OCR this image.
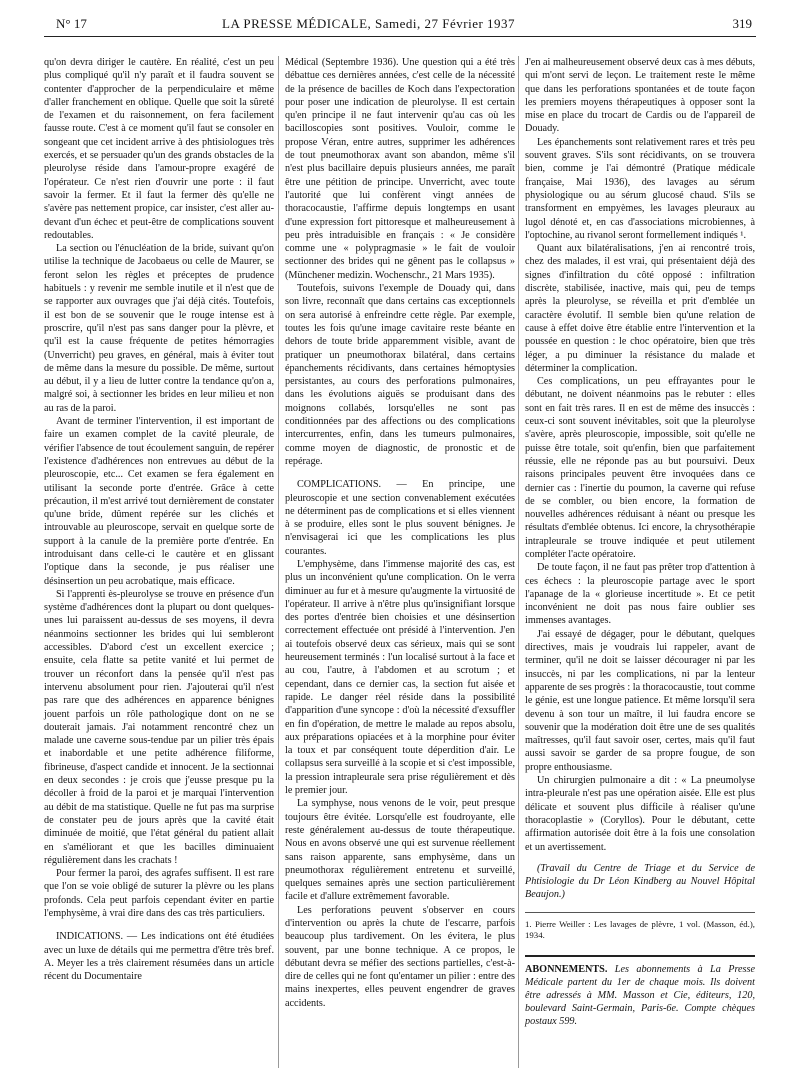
N° 17	LA PRESSE MÉDICALE, Samedi, 27 Février 1937	319

qu'on devra diriger le cautère. En réalité, c'est un peu plus compliqué qu'il n'y paraît et il faudra souvent se contenter d'approcher de la perpendiculaire et même d'aller franchement en oblique. Quelle que soit la sûreté de l'examen et du raisonnement, on fera facilement fausse route. C'est à ce moment qu'il faut se consoler en songeant que cet incident arrive à des phtisiologues très exercés, et se persuader qu'un des grands obstacles de la pleurolyse réside dans l'amour-propre exagéré de l'opérateur. Ce n'est rien d'ouvrir une porte : il faut savoir la fermer. Et il faut la fermer dès qu'elle ne s'avère pas nettement propice, car insister, c'est aller au-devant d'un échec et peut-être de complications souvent redoutables.

La section ou l'énucléation de la bride, suivant qu'on utilise la technique de Jacobaeus ou celle de Maurer, se feront selon les règles et préceptes de prudence habituels : y revenir me semble inutile et il n'est que de se rapporter aux ouvrages que j'ai déjà cités. Toutefois, il est bon de se souvenir que le rouge intense est à proscrire, qu'il n'est pas sans danger pour la plèvre, et qu'il est la cause fréquente de petites hémorragies (Unverricht) peu graves, en général, mais à éviter tout de même dans la mesure du possible. De même, surtout au début, il y a lieu de lutter contre la tendance qu'on a, malgré soi, à sectionner les brides en leur milieu et non au ras de la paroi.

Avant de terminer l'intervention, il est important de faire un examen complet de la cavité pleurale, de vérifier l'absence de tout écoulement sanguin, de repérer l'existence d'adhérences non entrevues au début de la pleuroscopie, etc... Cet examen se fera également en utilisant la seconde porte d'entrée. Grâce à cette précaution, il m'est arrivé tout dernièrement de constater qu'une bride, dûment repérée sur les clichés et introuvable au pleuroscope, servait en quelque sorte de support à la canule de la première porte d'entrée. En introduisant dans celle-ci le cautère et en glissant l'optique dans la seconde, je pus réaliser une désinsertion un peu acrobatique, mais efficace.

Si l'apprenti ès-pleurolyse se trouve en présence d'un système d'adhérences dont la plupart ou dont quelques-unes lui paraissent au-dessus de ses moyens, il devra néanmoins sectionner les brides qui lui sembleront accessibles. D'abord c'est un excellent exercice ; ensuite, cela flatte sa petite vanité et lui permet de trouver un réconfort dans la pensée qu'il n'est pas intervenu absolument pour rien. J'ajouterai qu'il n'est pas rare que des adhérences en apparence bénignes jouent parfois un rôle pathologique dont on ne se douterait jamais. J'ai notamment rencontré chez un malade une caverne sous-tendue par un pilier très épais et inabordable et une petite adhérence filiforme, fibrineuse, d'aspect candide et innocent. Je la sectionnai en deux secondes : je crois que j'eusse presque pu la décoller à froid de la paroi et je marquai l'intervention au débit de ma statistique. Quelle ne fut pas ma surprise de constater peu de jours après que la cavité était diminuée de moitié, que l'état général du patient allait en s'améliorant et que les bacilles diminuaient régulièrement dans les crachats !

Pour fermer la paroi, des agrafes suffisent. Il est rare que l'on se voie obligé de suturer la plèvre ou les plans profonds. Cela peut parfois cependant éviter en partie l'emphysème, à vrai dire dans des cas très particuliers.

INDICATIONS. — Les indications ont été étudiées avec un luxe de détails qui me permettra d'être très bref. A. Meyer les a très clairement résumées dans un article récent du Documentaire

Médical (Septembre 1936). Une question qui a été très débattue ces dernières années, c'est celle de la nécessité de la présence de bacilles de Koch dans l'expectoration pour poser une indication de pleurolyse. Il est certain qu'en principe il ne faut intervenir qu'au cas où les bacilloscopies sont positives. Vouloir, comme le propose Véran, entre autres, supprimer les adhérences de tout pneumothorax avant son abandon, même s'il n'est plus bacillaire depuis plusieurs années, me paraît être une pétition de principe. Unverricht, avec toute l'autorité que lui confèrent vingt années de thoracocaustie, l'affirme depuis longtemps en usant d'une expression fort pittoresque et malheureusement à peu près intraduisible en français : « Je considère comme une « polypragmasie » le fait de vouloir sectionner des brides qui ne gênent pas le collapsus » (Münchener medizin. Wochenschr., 21 Mars 1935).

Toutefois, suivons l'exemple de Douady qui, dans son livre, reconnaît que dans certains cas exceptionnels on sera autorisé à enfreindre cette règle. Par exemple, toutes les fois qu'une image cavitaire reste béante en dehors de toute bride apparemment visible, avant de pratiquer un pneumothorax bilatéral, dans certains épanchements récidivants, dans certaines hémoptysies persistantes, au cours des perforations pulmonaires, dans les évolutions aiguës se produisant dans des moignons collabés, lorsqu'elles ne sont pas conditionnées par des affections ou des complications intercurrentes, enfin, dans les tumeurs pulmonaires, comme moyen de diagnostic, de pronostic et de repérage.

COMPLICATIONS. — En principe, une pleuroscopie et une section convenablement exécutées ne déterminent pas de complications et si elles viennent à se produire, elles sont le plus souvent bénignes. Je n'envisagerai ici que les complications les plus courantes.

L'emphysème, dans l'immense majorité des cas, est plus un inconvénient qu'une complication. On le verra diminuer au fur et à mesure qu'augmente la virtuosité de l'opérateur. Il arrive à n'être plus qu'insignifiant lorsque des portes d'entrée bien choisies et une désinsertion correctement effectuée ont présidé à l'intervention. J'en ai toutefois observé deux cas sérieux, mais qui se sont heureusement terminés : l'un localisé surtout à la face et au cou, l'autre, à l'abdomen et au scrotum ; et cependant, dans ce dernier cas, la section fut aisée et rapide. Le danger réel réside dans la possibilité d'apparition d'une syncope : d'où la nécessité d'exsuffler en fin d'opération, de mettre le malade au repos absolu, aux préparations opiacées et à la morphine pour éviter la toux et par conséquent toute déperdition d'air. Le collapsus sera surveillé à la scopie et si c'est impossible, la pression intrapleurale sera prise régulièrement et dès le premier jour.

La symphyse, nous venons de le voir, peut presque toujours être évitée. Lorsqu'elle est foudroyante, elle reste généralement au-dessus de toute thérapeutique. Nous en avons observé une qui est survenue réellement sans raison apparente, sans emphysème, dans un pneumothorax régulièrement entretenu et surveillé, quelques semaines après une section particulièrement facile et d'allure extrêmement favorable.

Les perforations peuvent s'observer en cours d'intervention ou après la chute de l'escarre, parfois beaucoup plus tardivement. On les évitera, le plus souvent, par une bonne technique. A ce propos, le débutant devra se méfier des sections partielles, c'est-à-dire de celles qui ne font qu'entamer un pilier : entre des mains inexpertes, elles peuvent engendrer de graves accidents.

J'en ai malheureusement observé deux cas à mes débuts, qui m'ont servi de leçon. Le traitement reste le même que dans les perforations spontanées et de toute façon les premiers moyens thérapeutiques à opposer sont la mise en place du trocart de Cardis ou de l'appareil de Douady.

Les épanchements sont relativement rares et très peu souvent graves. S'ils sont récidivants, on se trouvera bien, comme je l'ai démontré (Pratique médicale française, Mai 1936), des lavages au sérum physiologique ou au sérum glucosé chaud. S'ils se transforment en empyèmes, les lavages pleuraux au lugol dénoté et, en cas d'associations microbiennes, à l'optochine, au rivanol seront formellement indiqués ¹.

Quant aux bilatéralisations, j'en ai rencontré trois, chez des malades, il est vrai, qui présentaient déjà des signes d'infiltration du côté opposé : infiltration discrète, stabilisée, inactive, mais qui, peu de temps après la pleurolyse, se réveilla et prit d'emblée un caractère évolutif. Il semble bien qu'une relation de cause à effet doive être établie entre l'intervention et la poussée en question : le choc opératoire, bien que très léger, a pu diminuer la résistance du malade et déterminer la complication.

Ces complications, un peu effrayantes pour le débutant, ne doivent néanmoins pas le rebuter : elles sont en fait très rares. Il en est de même des insuccès : ceux-ci sont souvent inévitables, soit que la pleurolyse s'avère, après pleuroscopie, impossible, soit qu'elle ne puisse être totale, soit qu'enfin, bien que parfaitement réussie, elle ne réponde pas au but poursuivi. Deux raisons principales peuvent être invoquées dans ce dernier cas : l'inertie du poumon, la caverne qui refuse de se combler, ou bien encore, la formation de nouvelles adhérences réduisant à néant ou presque les résultats d'emblée obtenus. Ici encore, la chrysothérapie intrapleurale se trouve indiquée et peut utilement compléter l'acte opératoire.

De toute façon, il ne faut pas prêter trop d'attention à ces échecs : la pleuroscopie partage avec le sport l'apanage de la « glorieuse incertitude ». Et ce petit inconvénient ne doit pas nous faire oublier ses immenses avantages.

J'ai essayé de dégager, pour le débutant, quelques directives, mais je voudrais lui rappeler, avant de terminer, qu'il ne doit se laisser décourager ni par les insuccès, ni par les complications, ni par la lenteur apparente de ses progrès : la thoracocaustie, tout comme le génie, est une longue patience. Et même lorsqu'il sera devenu à son tour un maître, il lui faudra encore se souvenir que la modération doit être une de ses qualités maîtresses, qu'il faut savoir oser, certes, mais qu'il faut aussi savoir se garder de sa propre fougue, de son propre enthousiasme.

Un chirurgien pulmonaire a dit : « La pneumolyse intra-pleurale n'est pas une opération aisée. Elle est plus délicate et souvent plus difficile à réaliser qu'une thoracoplastie » (Coryllos). Pour le débutant, cette affirmation autorisée doit être à la fois une consolation et un avertissement.

(Travail du Centre de Triage et du Service de Phtisiologie du Dr Léon Kindberg au Nouvel Hôpital Beaujon.)

1. Pierre Weiller : Les lavages de plèvre, 1 vol. (Masson, éd.), 1934.
ABONNEMENTS. Les abonnements à La Presse Médicale partent du 1er de chaque mois. Ils doivent être adressés à MM. Masson et Cie, éditeurs, 120, boulevard Saint-Germain, Paris-6e. Compte chèques postaux 599.
